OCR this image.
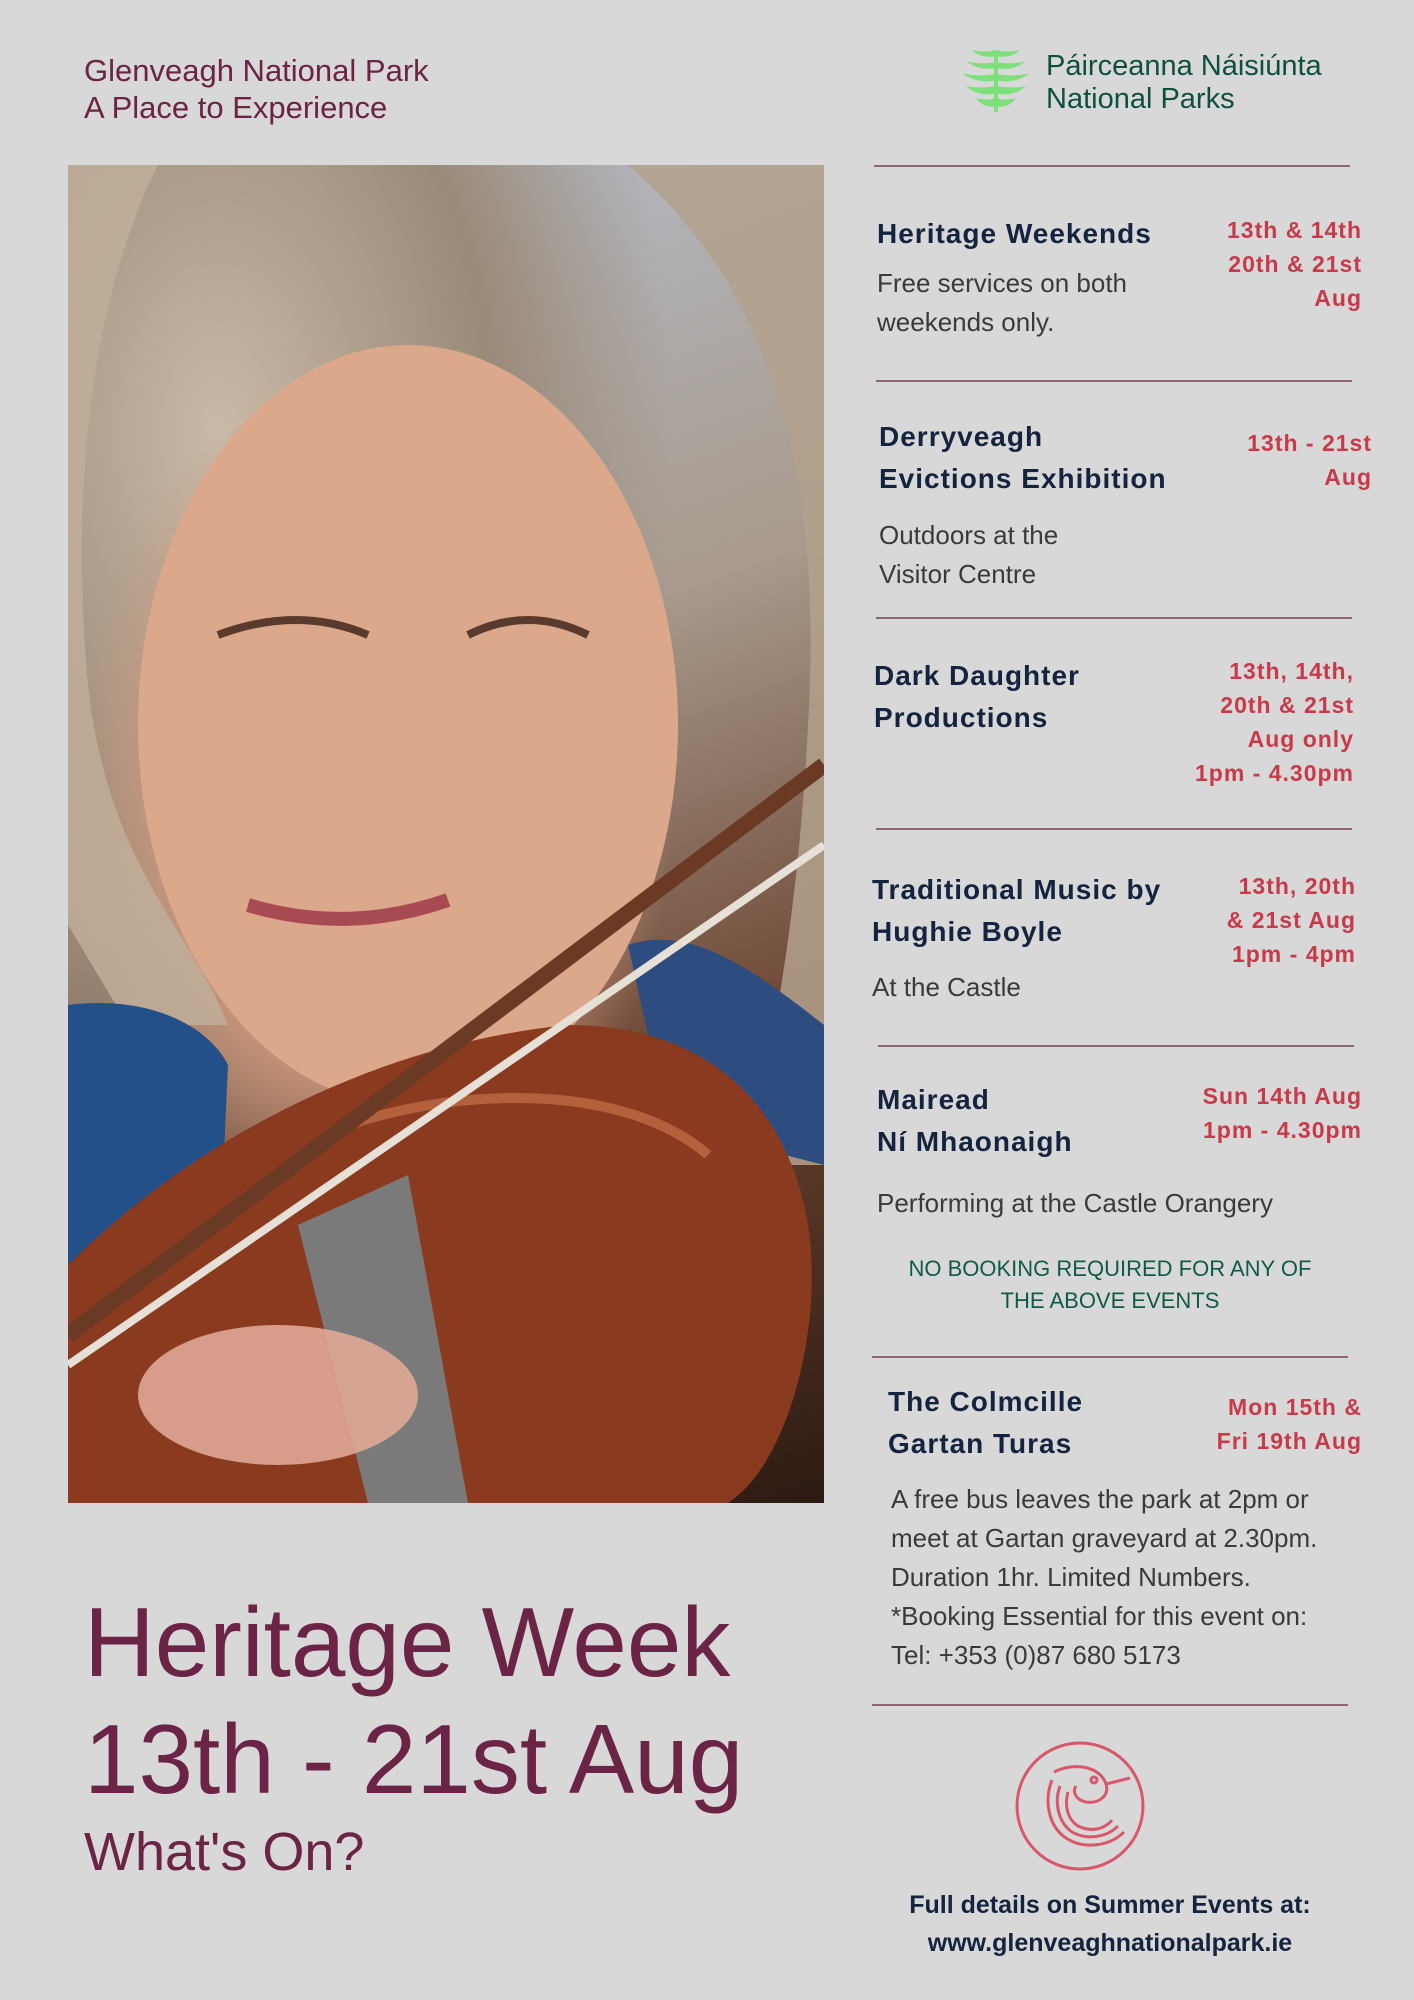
Glenveagh National Park
A Place to Experience
Páirceanna Náisiúnta
National Parks
Heritage Weekends	13th & 14th
20th & 21st
Aug
Free services on both
weekends only.
Derryveagh
Evictions Exhibition
13th - 21st
Aug
Outdoors at the
Visitor Centre
Dark Daughter
Productions
13th, 14th,
20th & 21st
Aug only
1pm - 4.30pm
Traditional Music by
Hughie Boyle
13th, 20th
& 21st Aug
1pm - 4pm
At the Castle
Mairead
Ní Mhaonaigh
Sun 14th Aug
1pm - 4.30pm
Performing at the Castle Orangery
NO BOOKING REQUIRED FOR ANY OF
THE ABOVE EVENTS
The Colmcille
Gartan Turas
Mon 15th &
Fri 19th Aug
A free bus leaves the park at 2pm or
meet at Gartan graveyard at 2.30pm.
Duration 1hr. Limited Numbers.
*Booking Essential for this event on:
Tel: +353 (0)87 680 5173
Heritage Week
13th - 21st Aug
What's On?
Full details on Summer Events at:
www.glenveaghnationalpark.ie
